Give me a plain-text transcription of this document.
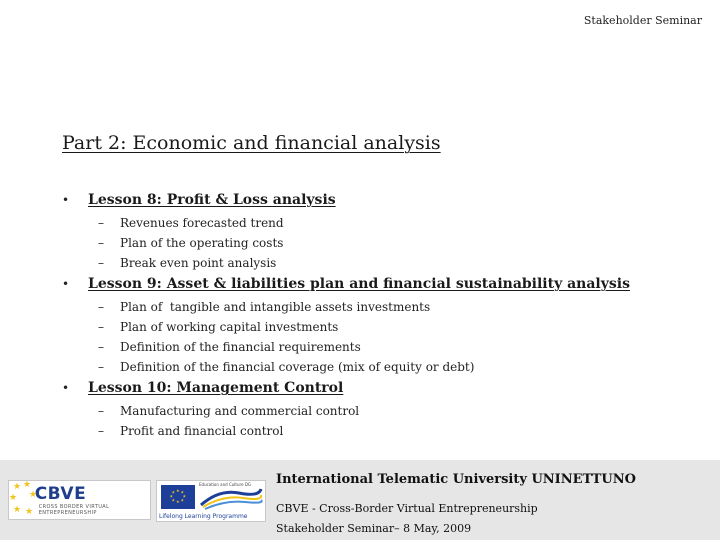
Stakeholder Seminar
Part 2: Economic and financial analysis
•	Lesson 8: Profit & Loss analysis
–	Revenues forecasted trend
–	Plan of the operating costs
–	Break even point analysis
•	Lesson 9: Asset & liabilities plan and financial sustainability analysis
–	Plan of  tangible and intangible assets investments
–	Plan of working capital investments
–	Definition of the financial requirements
–	Definition of the financial coverage (mix of equity or debt)
•	Lesson 10: Management Control
–	Manufacturing and commercial control
–	Profit and financial control
★ ★
★ ★
★ ★
CBVE
CROSS BORDER VIRTUAL ENTREPRENEURSHIP
★ ★
★
★
★
★
★
★
Education and Culture DG
Lifelong Learning Programme
International Telematic University UNINETTUNO
CBVE - Cross-Border Virtual Entrepreneurship
Stakeholder Seminar– 8 May, 2009
